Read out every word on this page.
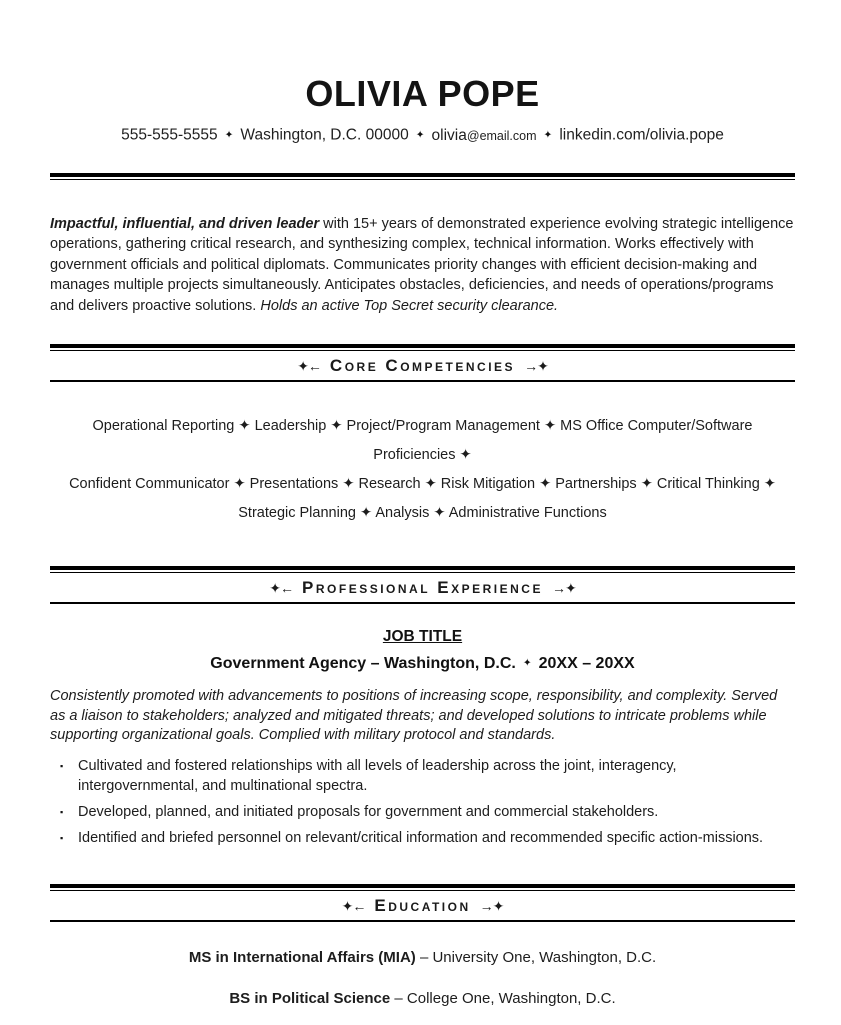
OLIVIA POPE
555-555-5555 ✦ Washington, D.C. 00000 ✦ olivia@email.com ✦ linkedin.com/olivia.pope

Impactful, influential, and driven leader with 15+ years of demonstrated experience evolving strategic intelligence operations, gathering critical research, and synthesizing complex, technical information. Works effectively with government officials and political diplomats. Communicates priority changes with efficient decision-making and manages multiple projects simultaneously. Anticipates obstacles, deficiencies, and needs of operations/programs and delivers proactive solutions. Holds an active Top Secret security clearance.

✦← Core Competencies →✦
Operational Reporting ✦ Leadership ✦ Project/Program Management ✦ MS Office Computer/Software Proficiencies ✦
Confident Communicator ✦ Presentations ✦ Research ✦ Risk Mitigation ✦ Partnerships ✦ Critical Thinking ✦
Strategic Planning ✦ Analysis ✦ Administrative Functions
✦← Professional Experience →✦
JOB TITLE
Government Agency – Washington, D.C. ✦ 20XX – 20XX

Consistently promoted with advancements to positions of increasing scope, responsibility, and complexity. Served as a liaison to stakeholders; analyzed and mitigated threats; and developed solutions to intricate problems while supporting organizational goals. Complied with military protocol and standards.

▪	Cultivated and fostered relationships with all levels of leadership across the joint, interagency, intergovernmental, and multinational spectra.
▪	Developed, planned, and initiated proposals for government and commercial stakeholders.
▪	Identified and briefed personnel on relevant/critical information and recommended specific action-missions.
✦← Education →✦
MS in International Affairs (MIA) – University One, Washington, D.C.
BS in Political Science – College One, Washington, D.C.
